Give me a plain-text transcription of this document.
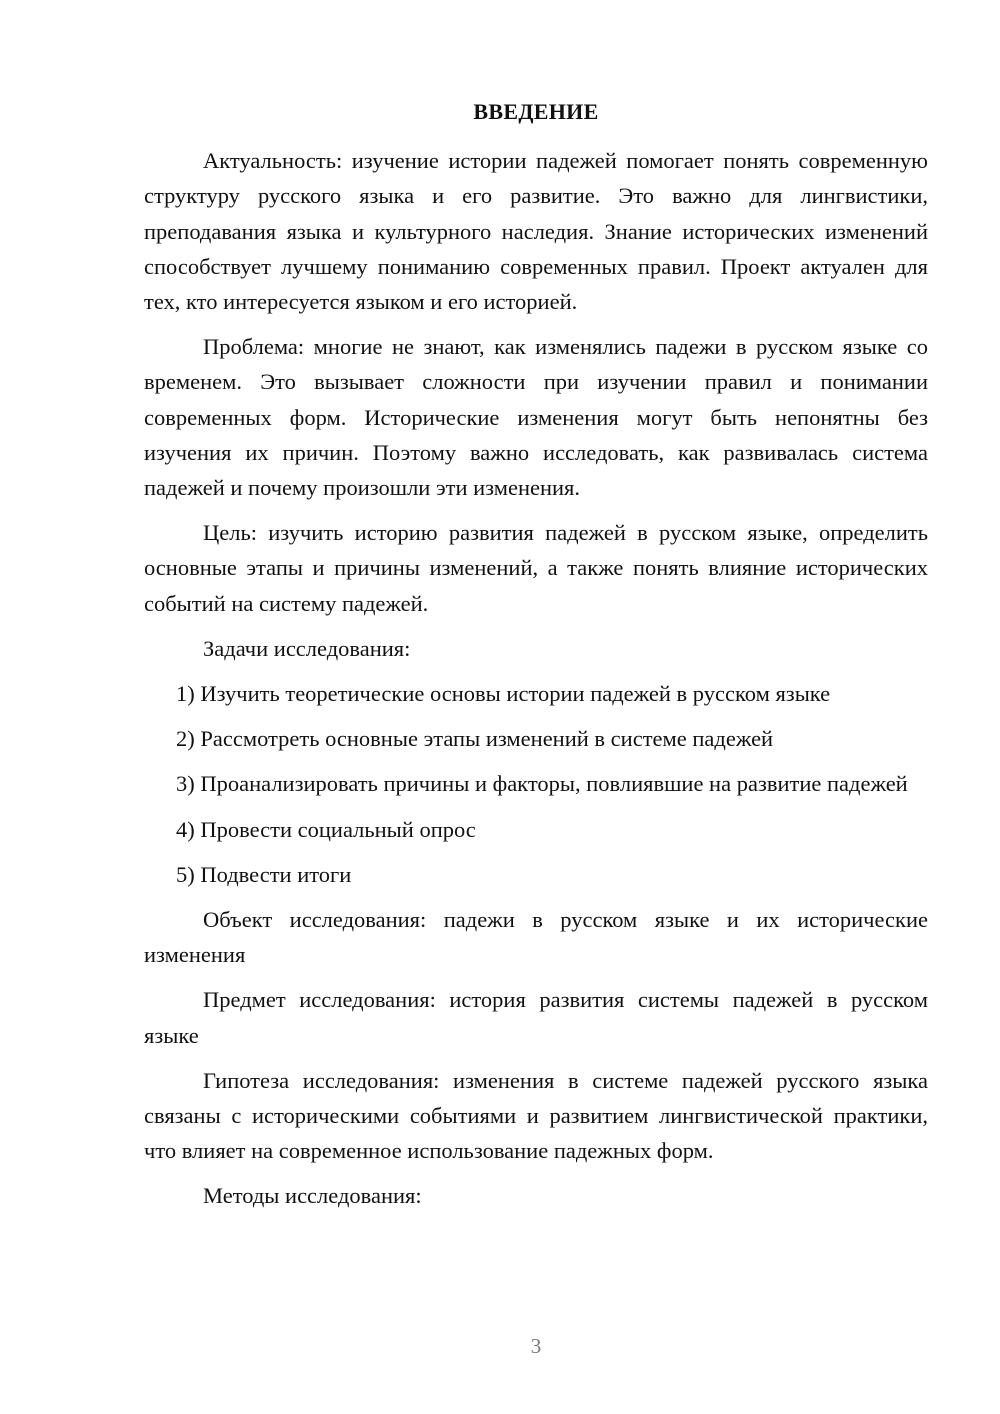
ВВЕДЕНИЕ

Актуальность: изучение истории падежей помогает понять современную структуру русского языка и его развитие. Это важно для лингвистики, преподавания языка и культурного наследия. Знание исторических изменений способствует лучшему пониманию современных правил. Проект актуален для тех, кто интересуется языком и его историей.

Проблема: многие не знают, как изменялись падежи в русском языке со временем. Это вызывает сложности при изучении правил и понимании современных форм. Исторические изменения могут быть непонятны без изучения их причин. Поэтому важно исследовать, как развивалась система падежей и почему произошли эти изменения.

Цель: изучить историю развития падежей в русском языке, определить основные этапы и причины изменений, а также понять влияние исторических событий на систему падежей.

Задачи исследования:

1) Изучить теоретические основы истории падежей в русском языке

2) Рассмотреть основные этапы изменений в системе падежей

3) Проанализировать причины и факторы, повлиявшие на развитие падежей

4) Провести социальный опрос

5) Подвести итоги

Объект исследования: падежи в русском языке и их исторические изменения

Предмет исследования: история развития системы падежей в русском языке

Гипотеза исследования: изменения в системе падежей русского языка связаны с историческими событиями и развитием лингвистической практики, что влияет на современное использование падежных форм.

Методы исследования:

3
